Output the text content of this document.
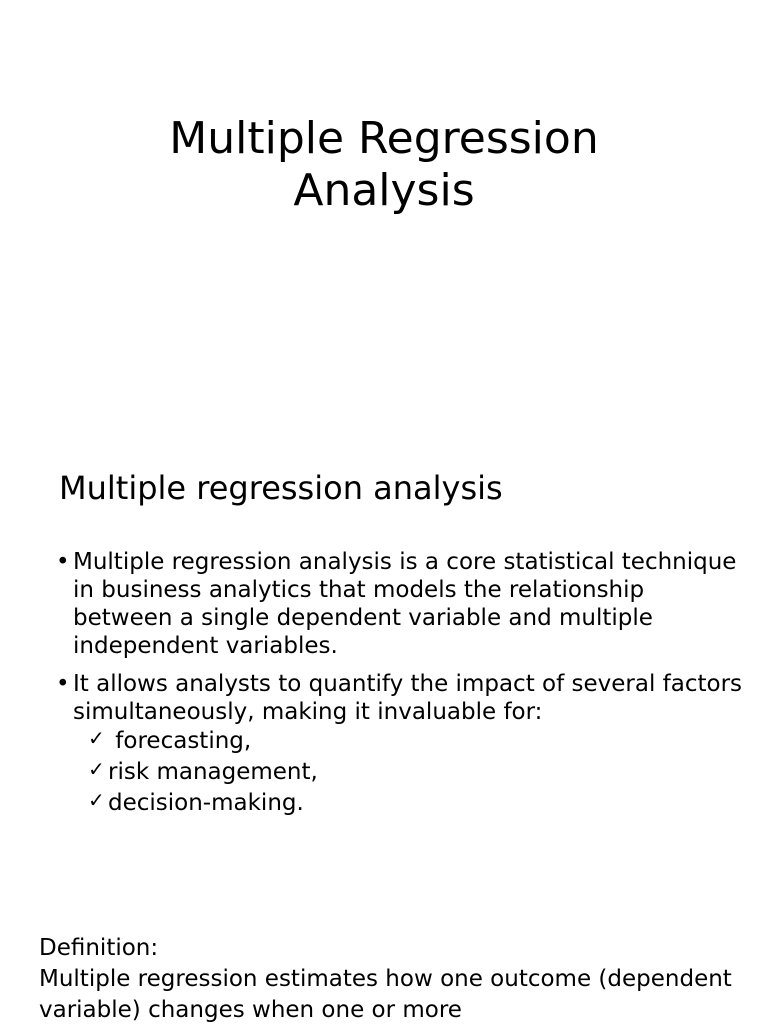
Multiple Regression
Analysis
Multiple regression analysis
• Multiple regression analysis is a core statistical technique in business analytics that models the relationship between a single dependent variable and multiple independent variables.
• It allows analysts to quantify the impact of several factors simultaneously, making it invaluable for:
✓ forecasting,
✓ risk management,
✓ decision-making.
Definition:
Multiple regression estimates how one outcome (dependent variable) changes when one or more
